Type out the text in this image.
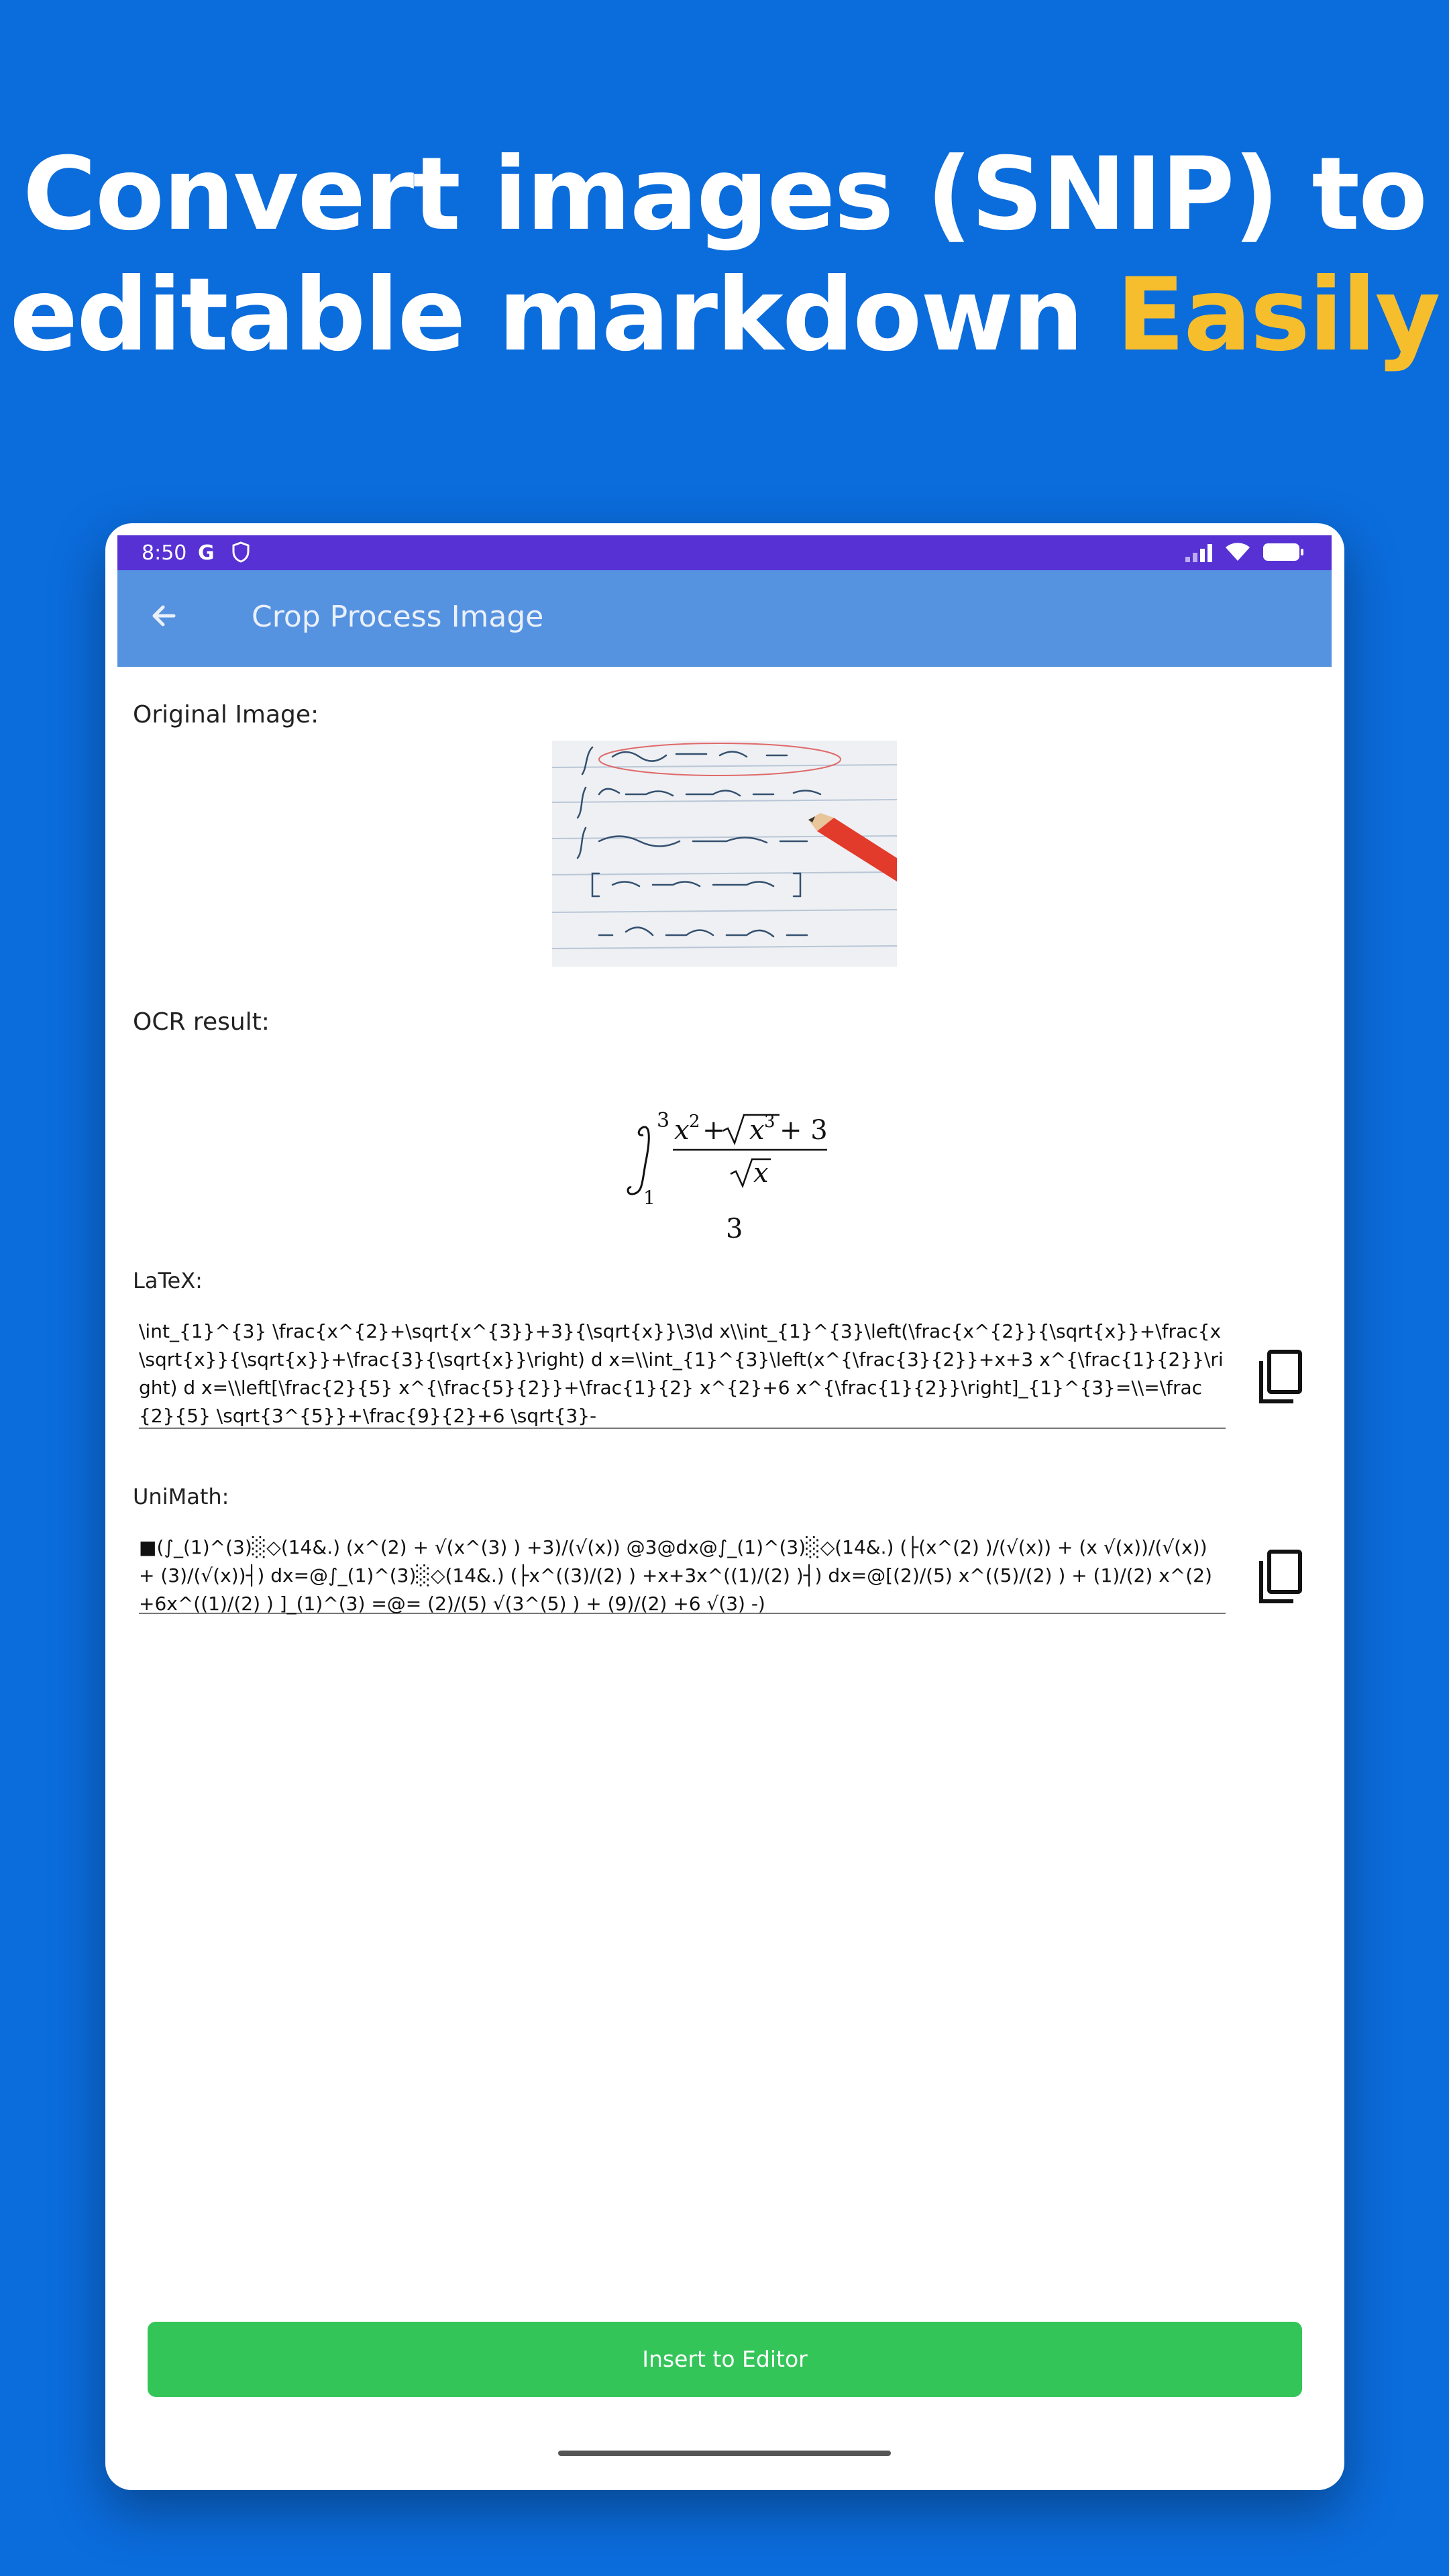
Convert images (SNIP) to
editable markdown Easily
8:50 G
Crop Process Image
Original Image:
OCR result:
3
1
x 2 + x 3 + 3
x
3
LaTeX:
\int_{1}^{3} \frac{x^{2}+\sqrt{x^{3}}+3}{\sqrt{x}}\3\d x\\int_{1}^{3}\left(\frac{x^{2}}{\sqrt{x}}+\frac{x \sqrt{x}}{\sqrt{x}}+\frac{3}{\sqrt{x}}\right) d x=\\int_{1}^{3}\left(x^{\frac{3}{2}}+x+3 x^{\frac{1}{2}}\right) d x=\\left[\frac{2}{5} x^{\frac{5}{2}}+\frac{1}{2} x^{2}+6 x^{\frac{1}{2}}\right]_{1}^{3}=\\=\frac{2}{5} \sqrt{3^{5}}+\frac{9}{2}+6 \sqrt{3}-
UniMath:
■(∫_(1)^(3)░◇(14&.) (x^(2) + √(x^(3) ) +3)/(√(x)) @3@dx@∫_(1)^(3)░◇(14&.) (├(x^(2) )/(√(x)) + (x √(x))/(√(x)) + (3)/(√(x))┤) dx=@∫_(1)^(3)░◇(14&.) (├x^((3)/(2) ) +x+3x^((1)/(2) )┤) dx=@[(2)/(5) x^((5)/(2) ) + (1)/(2) x^(2) +6x^((1)/(2) ) ]_(1)^(3) =@= (2)/(5) √(3^(5) ) + (9)/(2) +6 √(3) -)
Insert to Editor
